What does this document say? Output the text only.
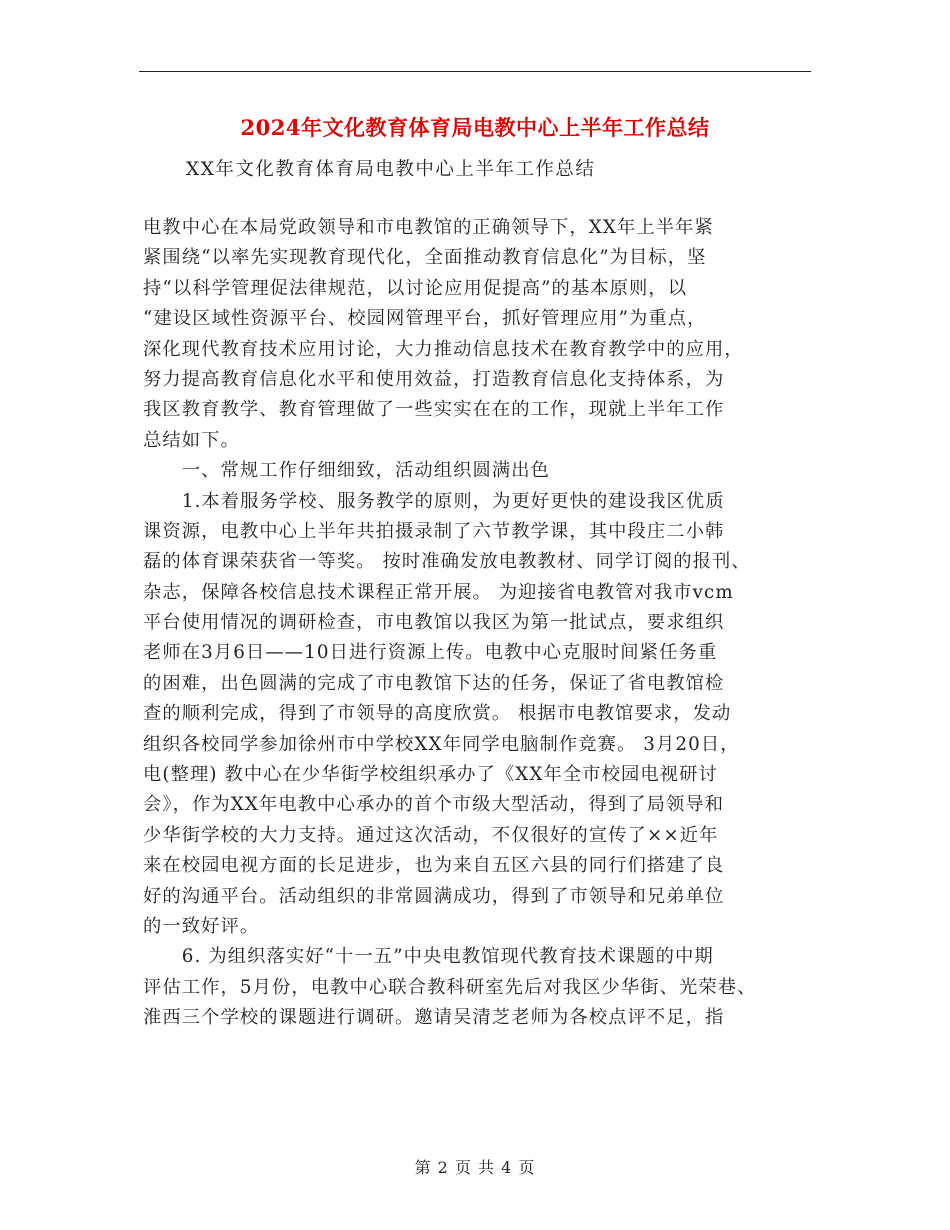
2024年文化教育体育局电教中心上半年工作总结
XX年文化教育体育局电教中心上半年工作总结
电教中心在本局党政领导和市电教馆的正确领导下，XX年上半年紧
紧围绕“以率先实现教育现代化，全面推动教育信息化”为目标，坚
持“以科学管理促法律规范，以讨论应用促提高”的基本原则，以
“建设区域性资源平台、校园网管理平台，抓好管理应用”为重点，
深化现代教育技术应用讨论，大力推动信息技术在教育教学中的应用，
努力提高教育信息化水平和使用效益，打造教育信息化支持体系，为
我区教育教学、教育管理做了一些实实在在的工作，现就上半年工作
总结如下。
　　一、常规工作仔细细致，活动组织圆满出色
　　1.本着服务学校、服务教学的原则，为更好更快的建设我区优质
课资源，电教中心上半年共拍摄录制了六节教学课，其中段庄二小韩
磊的体育课荣获省一等奖。 按时准确发放电教教材、同学订阅的报刊、
杂志，保障各校信息技术课程正常开展。 为迎接省电教管对我市vcm
平台使用情况的调研检查，市电教馆以我区为第一批试点，要求组织
老师在3月6日——10日进行资源上传。电教中心克服时间紧任务重
的困难，出色圆满的完成了市电教馆下达的任务，保证了省电教馆检
查的顺利完成，得到了市领导的高度欣赏。 根据市电教馆要求，发动
组织各校同学参加徐州市中学校XX年同学电脑制作竞赛。 3月20日，
电(整理) 教中心在少华街学校组织承办了《XX年全市校园电视研讨
会》，作为XX年电教中心承办的首个市级大型活动，得到了局领导和
少华街学校的大力支持。通过这次活动，不仅很好的宣传了××近年
来在校园电视方面的长足进步，也为来自五区六县的同行们搭建了良
好的沟通平台。活动组织的非常圆满成功，得到了市领导和兄弟单位
的一致好评。
　　6. 为组织落实好“十一五”中央电教馆现代教育技术课题的中期
评估工作，5月份，电教中心联合教科研室先后对我区少华街、光荣巷、
淮西三个学校的课题进行调研。邀请吴清芝老师为各校点评不足，指
第 2 页 共 4 页
